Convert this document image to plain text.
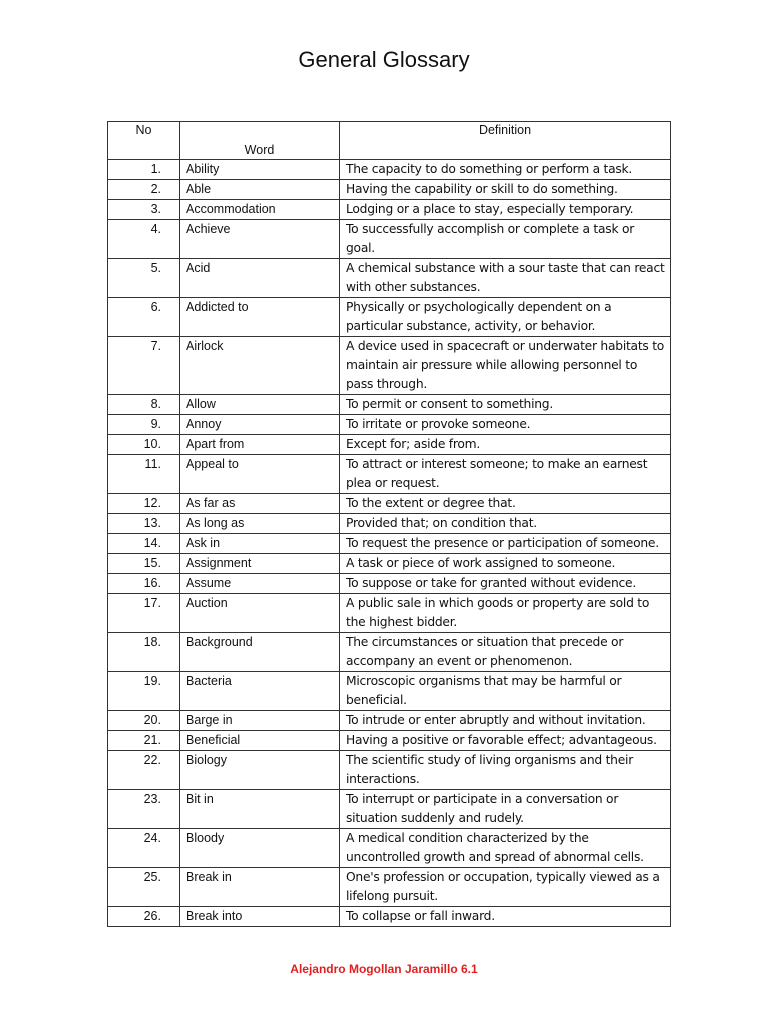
General Glossary
No	Word	Definition
1.	Ability	The capacity to do something or perform a task.
2.	Able	Having the capability or skill to do something.
3.	Accommodation	Lodging or a place to stay, especially temporary.
4.	Achieve	To successfully accomplish or complete a task or goal.
5.	Acid	A chemical substance with a sour taste that can react with other substances.
6.	Addicted to	Physically or psychologically dependent on a particular substance, activity, or behavior.
7.	Airlock	A device used in spacecraft or underwater habitats to maintain air pressure while allowing personnel to pass through.
8.	Allow	To permit or consent to something.
9.	Annoy	To irritate or provoke someone.
10.	Apart from	Except for; aside from.
11.	Appeal to	To attract or interest someone; to make an earnest plea or request.
12.	As far as	To the extent or degree that.
13.	As long as	Provided that; on condition that.
14.	Ask in	To request the presence or participation of someone.
15.	Assignment	A task or piece of work assigned to someone.
16.	Assume	To suppose or take for granted without evidence.
17.	Auction	A public sale in which goods or property are sold to the highest bidder.
18.	Background	The circumstances or situation that precede or accompany an event or phenomenon.
19.	Bacteria	Microscopic organisms that may be harmful or beneficial.
20.	Barge in	To intrude or enter abruptly and without invitation.
21.	Beneficial	Having a positive or favorable effect; advantageous.
22.	Biology	The scientific study of living organisms and their interactions.
23.	Bit in	To interrupt or participate in a conversation or situation suddenly and rudely.
24.	Bloody	A medical condition characterized by the uncontrolled growth and spread of abnormal cells.
25.	Break in	One's profession or occupation, typically viewed as a lifelong pursuit.
26.	Break into	To collapse or fall inward.
Alejandro Mogollan Jaramillo 6.1
